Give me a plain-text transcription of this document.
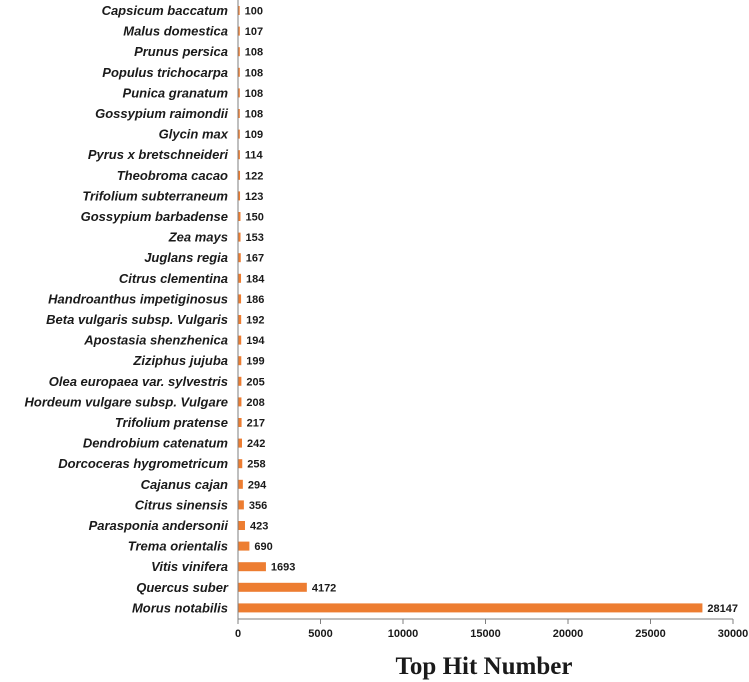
Capsicum baccatum
Malus domestica
Prunus persica
Populus trichocarpa
Punica granatum
Gossypium raimondii
Glycin max
Pyrus x bretschneideri
Theobroma cacao
Trifolium subterraneum
Gossypium barbadense
Zea mays
Juglans regia
Citrus clementina
Handroanthus impetiginosus
Beta vulgaris subsp. Vulgaris
Apostasia shenzhenica
Ziziphus jujuba
Olea europaea var. sylvestris
Hordeum vulgare subsp. Vulgare
Trifolium pratense
Dendrobium catenatum
Dorcoceras hygrometricum
Cajanus cajan
Citrus sinensis
Parasponia andersonii
Trema orientalis
Vitis vinifera
Quercus suber
Morus notabilis
100
107
108
108
108
108
109
114
122
123
150
153
167
184
186
192
194
199
205
208
217
242
258
294
356
423
690
1693
4172
28147
0	5000	10000	15000	20000	25000	30000
Top Hit Number
